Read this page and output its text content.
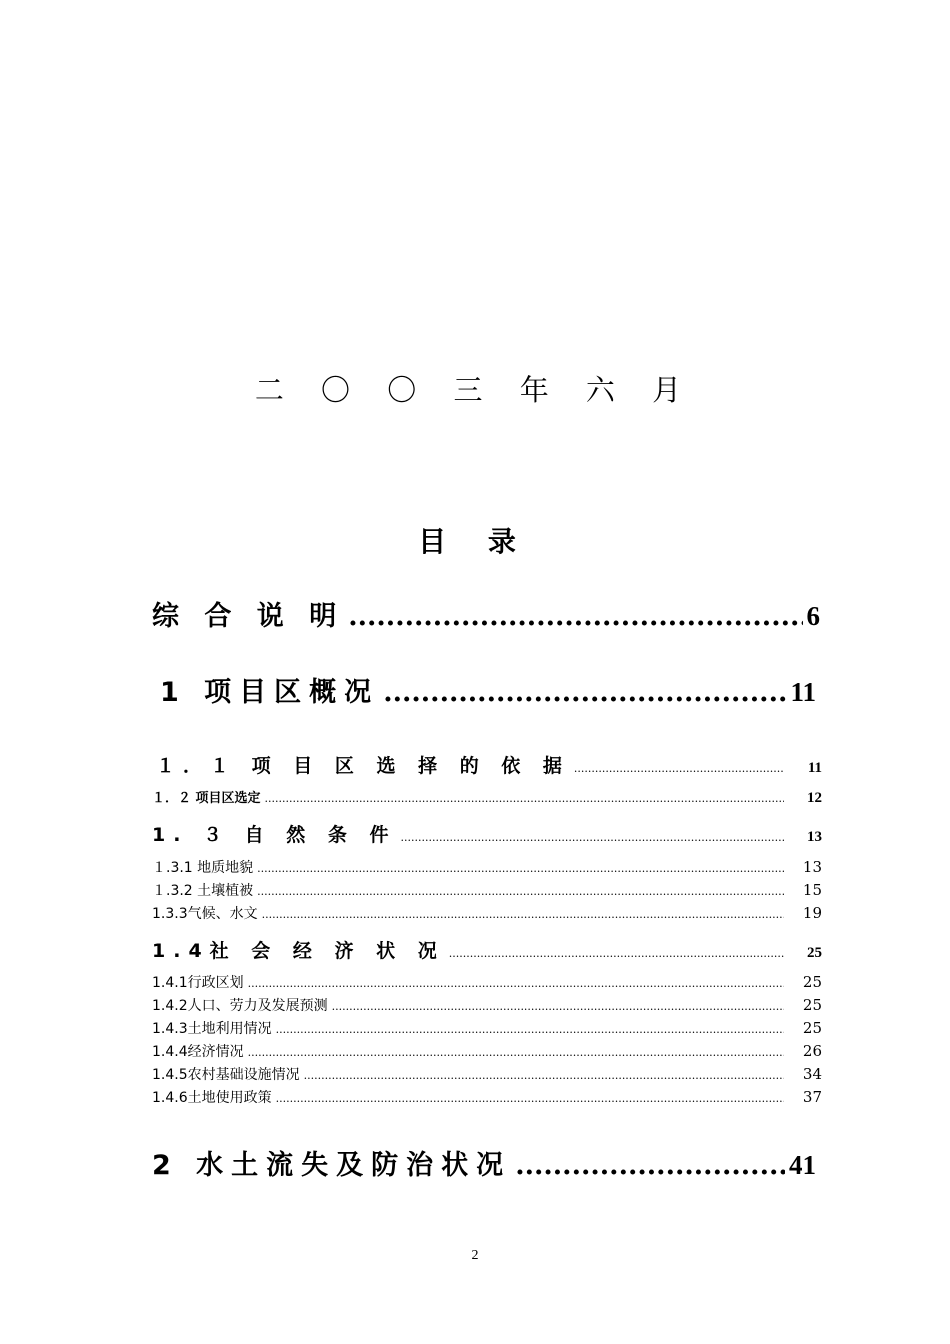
二 〇 〇 三 年 六 月
目 录
综 合 说 明 .....	6
1 项目区概况 .....	11
１．１ 项 目 区 选 择 的 依 据 .....	11
１．２ 项目区选定 .....	12
1. ３ 自 然 条 件 .....	13
１.3.1 地质地貌 .....	13
１.3.2 土壤植被 .....	15
1.3.3气候、水文 .....	19
1.4社 会 经 济 状 况 .....	25
1.4.1行政区划 .....	25
1.4.2人口、劳力及发展预测 .....	25
1.4.3土地利用情况 .....	25
1.4.4经济情况 .....	26
1.4.5农村基础设施情况 .....	34
1.4.6土地使用政策 .....	37
2 水土流失及防治状况 .....	41
2
